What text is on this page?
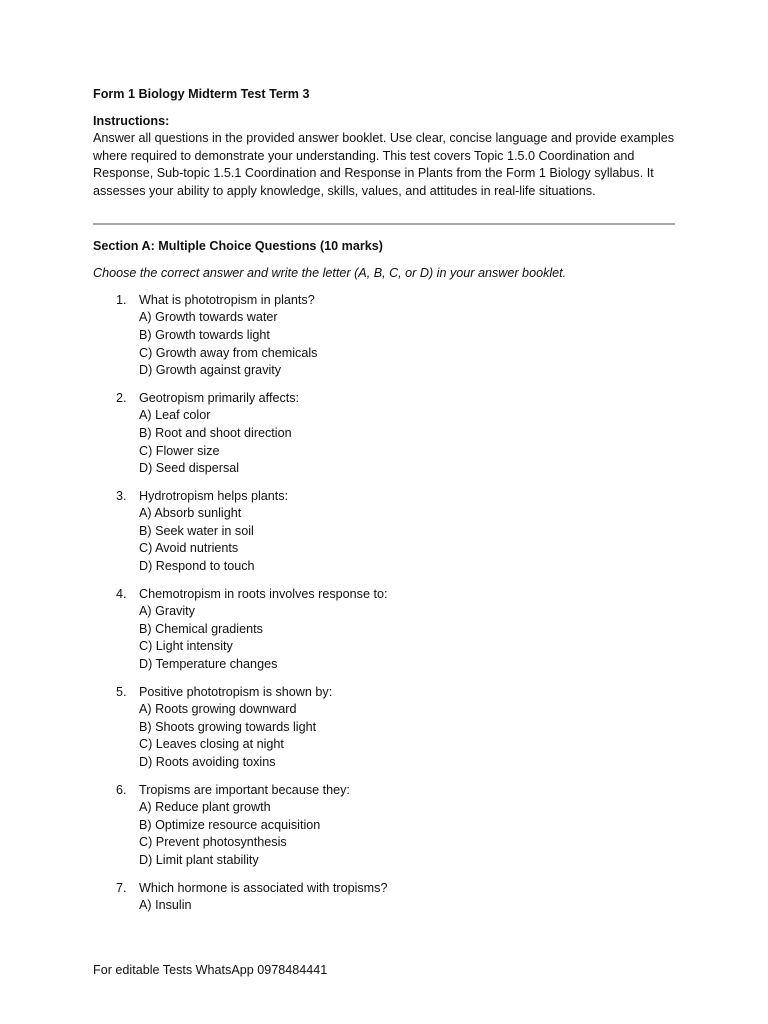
Form 1 Biology Midterm Test Term 3

Instructions:

Answer all questions in the provided answer booklet. Use clear, concise language and provide examples where required to demonstrate your understanding. This test covers Topic 1.5.0 Coordination and Response, Sub-topic 1.5.1 Coordination and Response in Plants from the Form 1 Biology syllabus. It assesses your ability to apply knowledge, skills, values, and attitudes in real-life situations.

Section A: Multiple Choice Questions (10 marks)

Choose the correct answer and write the letter (A, B, C, or D) in your answer booklet.

1. What is phototropism in plants?
A) Growth towards water
B) Growth towards light
C) Growth away from chemicals
D) Growth against gravity
2. Geotropism primarily affects:
A) Leaf color
B) Root and shoot direction
C) Flower size
D) Seed dispersal
3. Hydrotropism helps plants:
A) Absorb sunlight
B) Seek water in soil
C) Avoid nutrients
D) Respond to touch
4. Chemotropism in roots involves response to:
A) Gravity
B) Chemical gradients
C) Light intensity
D) Temperature changes
5. Positive phototropism is shown by:
A) Roots growing downward
B) Shoots growing towards light
C) Leaves closing at night
D) Roots avoiding toxins
6. Tropisms are important because they:
A) Reduce plant growth
B) Optimize resource acquisition
C) Prevent photosynthesis
D) Limit plant stability
7. Which hormone is associated with tropisms?
A) Insulin
For editable Tests WhatsApp 0978484441
